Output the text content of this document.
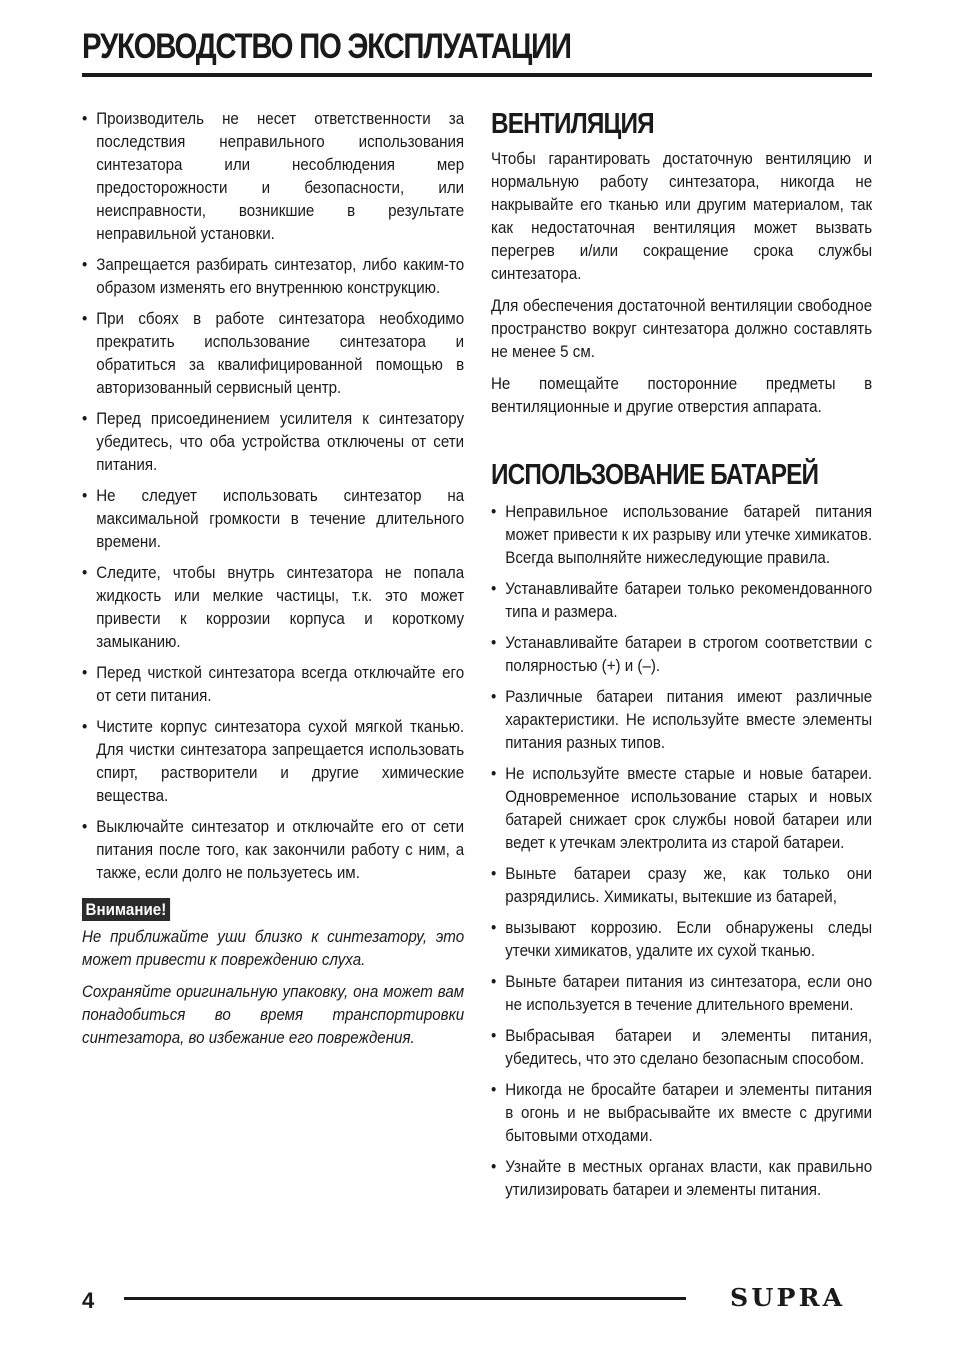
РУКОВОДСТВО ПО ЭКСПЛУАТАЦИИ
• Производитель не несет ответственности за последствия неправильного использования синтезатора или несоблюдения мер предосторожности и безопасности, или неисправности, возникшие в результате неправильной установки.
• Запрещается разбирать синтезатор, либо каким-то образом изменять его внутреннюю конструкцию.
• При сбоях в работе синтезатора необходимо прекратить использование синтезатора и обратиться за квалифицированной помощью в авторизованный сервисный центр.
• Перед присоединением усилителя к синтезатору убедитесь, что оба устройства отключены от сети питания.
• Не следует использовать синтезатор на максимальной громкости в течение длительного времени.
• Следите, чтобы внутрь синтезатора не попала жидкость или мелкие частицы, т.к. это может привести к коррозии корпуса и короткому замыканию.
• Перед чисткой синтезатора всегда отключайте его от сети питания.
• Чистите корпус синтезатора сухой мягкой тканью. Для чистки синтезатора запрещается использовать спирт, растворители и другие химические вещества.
• Выключайте синтезатор и отключайте его от сети питания после того, как закончили работу с ним, а также, если долго не пользуетесь им.
Внимание!

Не приближайте уши близко к синтезатору, это может привести к повреждению слуха.

Сохраняйте оригинальную упаковку, она может вам понадобиться во время транспортировки синтезатора, во избежание его повреждения.

ВЕНТИЛЯЦИЯ

Чтобы гарантировать достаточную вентиляцию и нормальную работу синтезатора, никогда не накрывайте его тканью или другим материалом, так как недостаточная вентиляция может вызвать перегрев и/или сокращение срока службы синтезатора.

Для обеспечения достаточной вентиляции свободное пространство вокруг синтезатора должно составлять не менее 5 см.

Не помещайте посторонние предметы в вентиляционные и другие отверстия аппарата.

ИСПОЛЬЗОВАНИЕ БАТАРЕЙ
• Неправильное использование батарей питания может привести к их разрыву или утечке химикатов. Всегда выполняйте нижеследующие правила.
• Устанавливайте батареи только рекомендованного типа и размера.
• Устанавливайте батареи в строгом соответствии с полярностью (+) и (–).
• Различные батареи питания имеют различные характеристики. Не используйте вместе элементы питания разных типов.
• Не используйте вместе старые и новые батареи. Одновременное использование старых и новых батарей снижает срок службы новой батареи или ведет к утечкам электролита из старой батареи.
• Выньте батареи сразу же, как только они разрядились. Химикаты, вытекшие из батарей,
• вызывают коррозию. Если обнаружены следы утечки химикатов, удалите их сухой тканью.
• Выньте батареи питания из синтезатора, если оно не используется в течение длительного времени.
• Выбрасывая батареи и элементы питания, убедитесь, что это сделано безопасным способом.
• Никогда не бросайте батареи и элементы питания в огонь и не выбрасывайте их вместе с другими бытовыми отходами.
• Узнайте в местных органах власти, как правильно утилизировать батареи и элементы питания.
4	SUPRA
